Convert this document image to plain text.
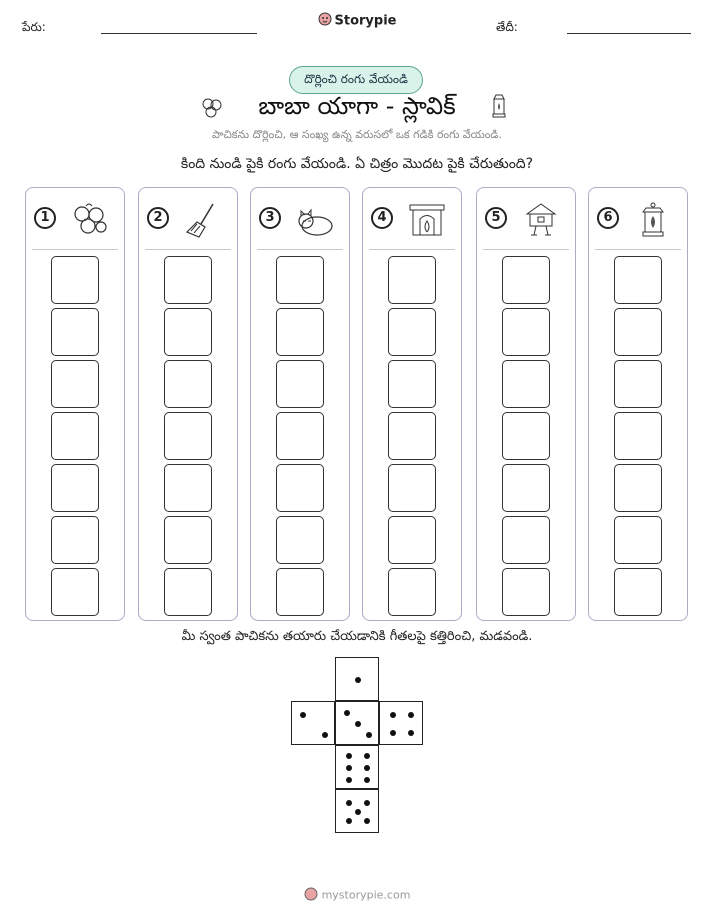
పేరు:	Storypie	తేదీ:
దొర్లించి రంగు వేయండి
బాబా యాగా - స్లావిక్
పాచికను దొర్లించి, ఆ సంఖ్య ఉన్న వరుసలో ఒక గడికి రంగు వేయండి.
కింది నుండి పైకి రంగు వేయండి. ఏ చిత్రం మొదట పైకి చేరుతుంది?
1	2	3	4	5	6
మీ స్వంత పాచికను తయారు చేయడానికి గీతలపై కత్తిరించి, మడవండి.
mystorypie.com
